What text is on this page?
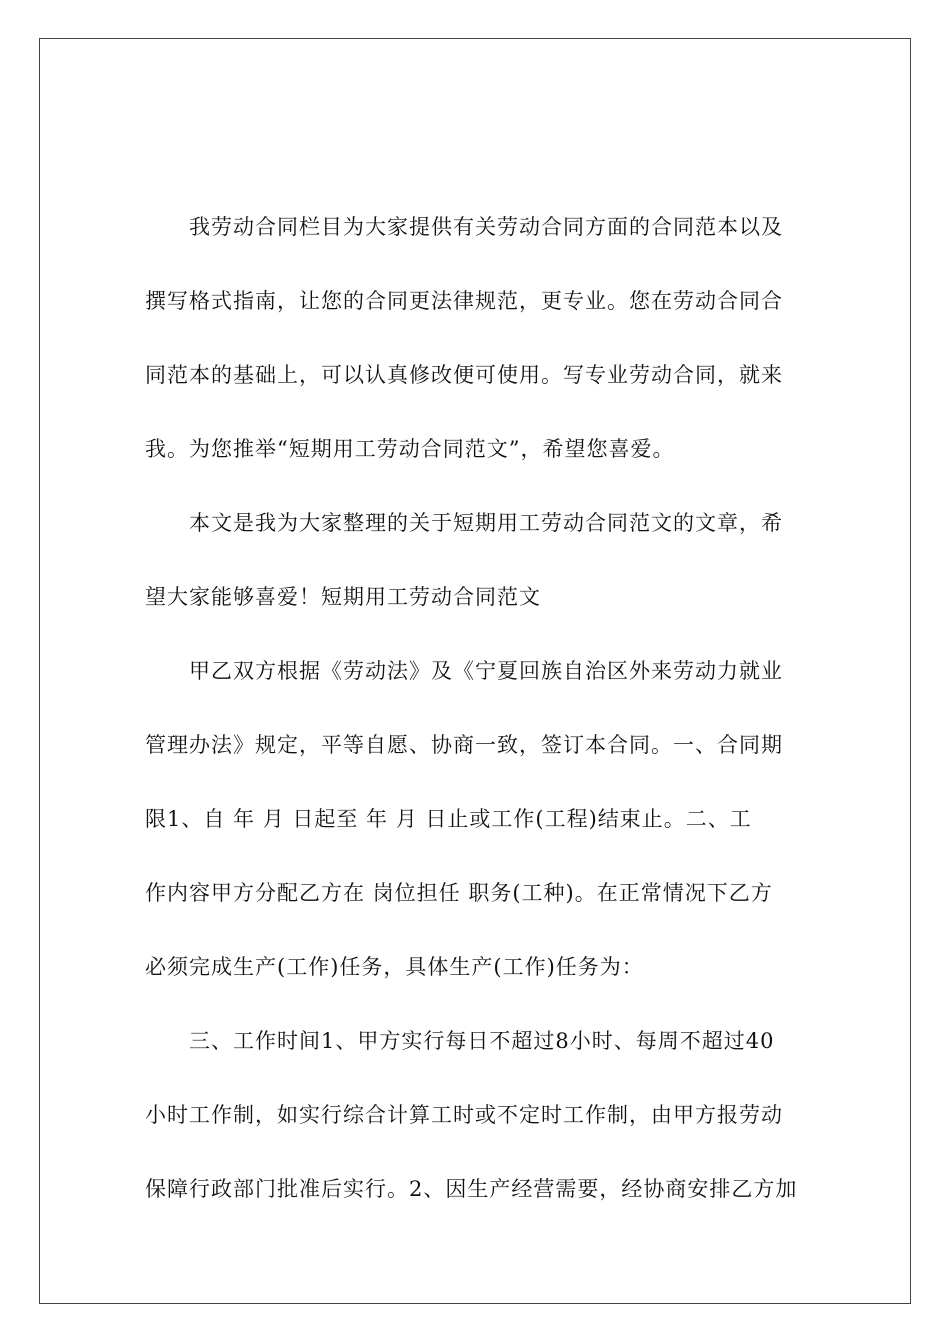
我劳动合同栏目为大家提供有关劳动合同方面的合同范本以及
撰写格式指南，让您的合同更法律规范，更专业。您在劳动合同合
同范本的基础上，可以认真修改便可使用。写专业劳动合同，就来
我。为您推举“短期用工劳动合同范文”，希望您喜爱。
本文是我为大家整理的关于短期用工劳动合同范文的文章，希
望大家能够喜爱！短期用工劳动合同范文
甲乙双方根据《劳动法》及《宁夏回族自治区外来劳动力就业
管理办法》规定，平等自愿、协商一致，签订本合同。一、合同期
限1、自 年 月 日起至 年 月 日止或工作(工程)结束止。二、工
作内容甲方分配乙方在 岗位担任 职务(工种)。在正常情况下乙方
必须完成生产(工作)任务，具体生产(工作)任务为：
三、工作时间1、甲方实行每日不超过8小时、每周不超过40
小时工作制，如实行综合计算工时或不定时工作制，由甲方报劳动
保障行政部门批准后实行。2、因生产经营需要，经协商安排乙方加
